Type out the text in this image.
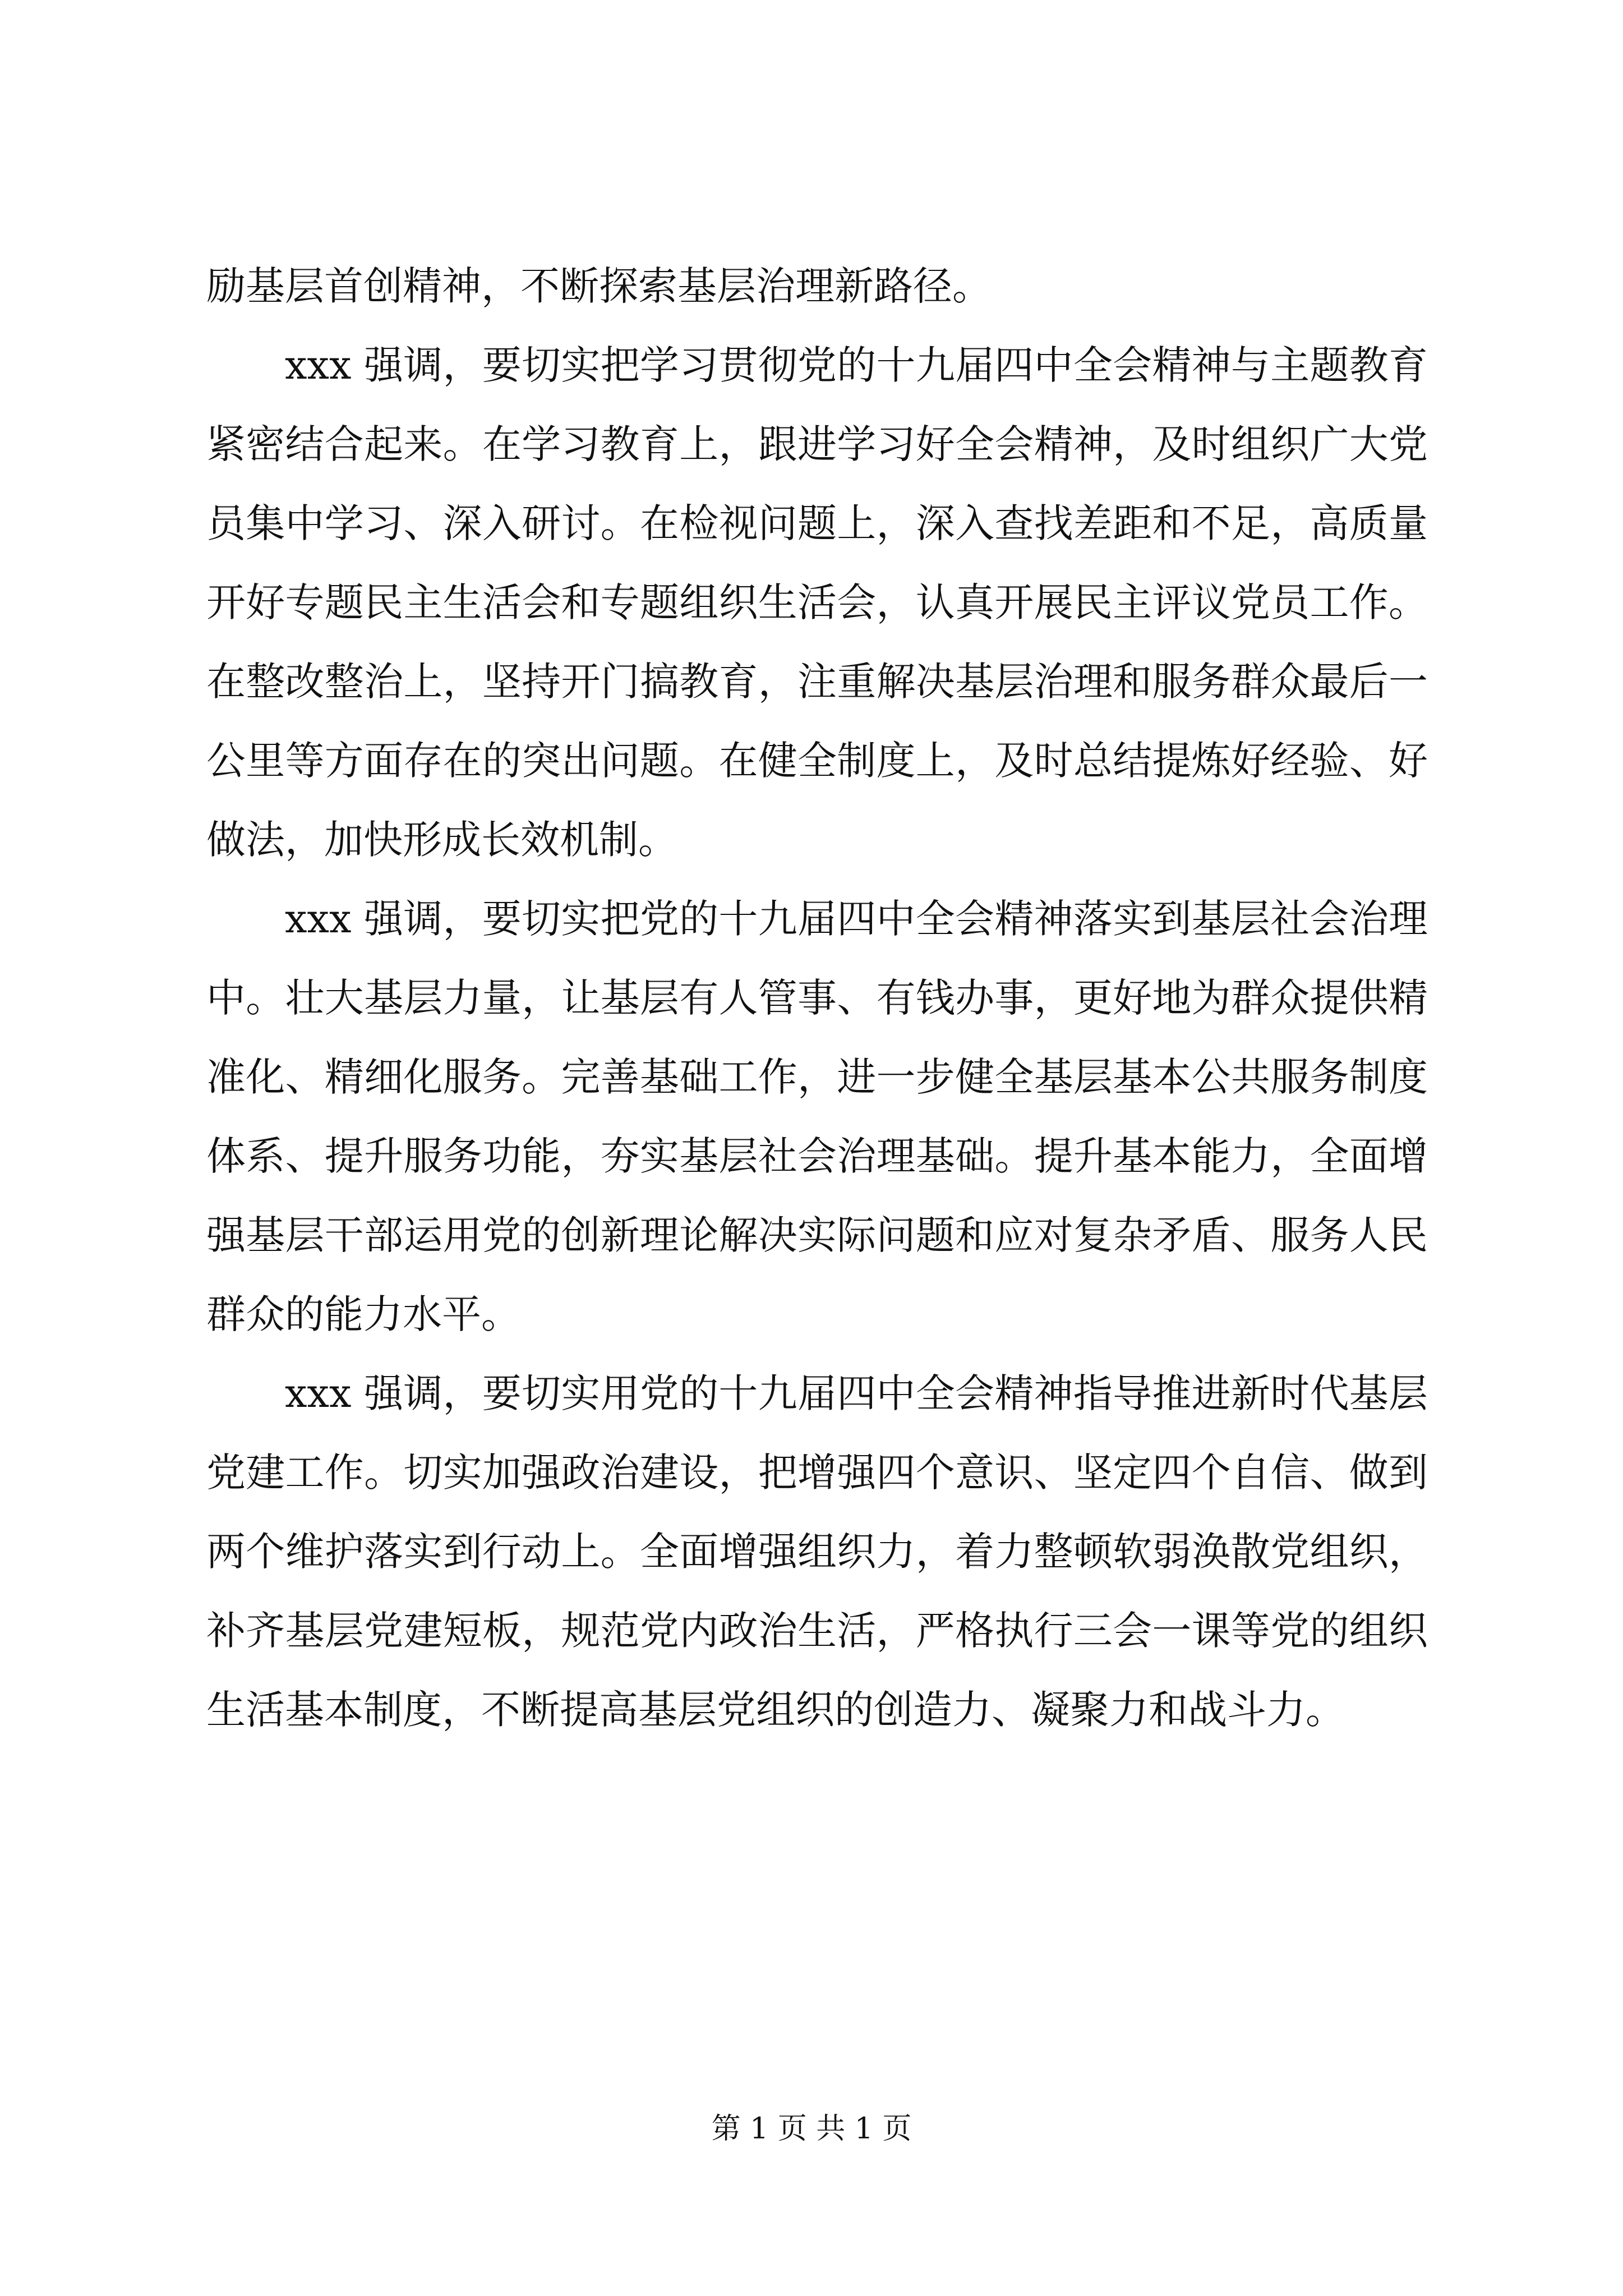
励基层首创精神，不断探索基层治理新路径。

xxx 强调，要切实把学习贯彻党的十九届四中全会精神与主题教育紧密结合起来。在学习教育上，跟进学习好全会精神，及时组织广大党员集中学习、深入研讨。在检视问题上，深入查找差距和不足，高质量开好专题民主生活会和专题组织生活会，认真开展民主评议党员工作。在整改整治上，坚持开门搞教育，注重解决基层治理和服务群众最后一公里等方面存在的突出问题。在健全制度上，及时总结提炼好经验、好做法，加快形成长效机制。

xxx 强调，要切实把党的十九届四中全会精神落实到基层社会治理中。壮大基层力量，让基层有人管事、有钱办事，更好地为群众提供精准化、精细化服务。完善基础工作，进一步健全基层基本公共服务制度体系、提升服务功能，夯实基层社会治理基础。提升基本能力，全面增强基层干部运用党的创新理论解决实际问题和应对复杂矛盾、服务人民群众的能力水平。

xxx 强调，要切实用党的十九届四中全会精神指导推进新时代基层党建工作。切实加强政治建设，把增强四个意识、坚定四个自信、做到两个维护落实到行动上。全面增强组织力，着力整顿软弱涣散党组织，补齐基层党建短板，规范党内政治生活，严格执行三会一课等党的组织生活基本制度，不断提高基层党组织的创造力、凝聚力和战斗力。

第 1 页 共 1 页
